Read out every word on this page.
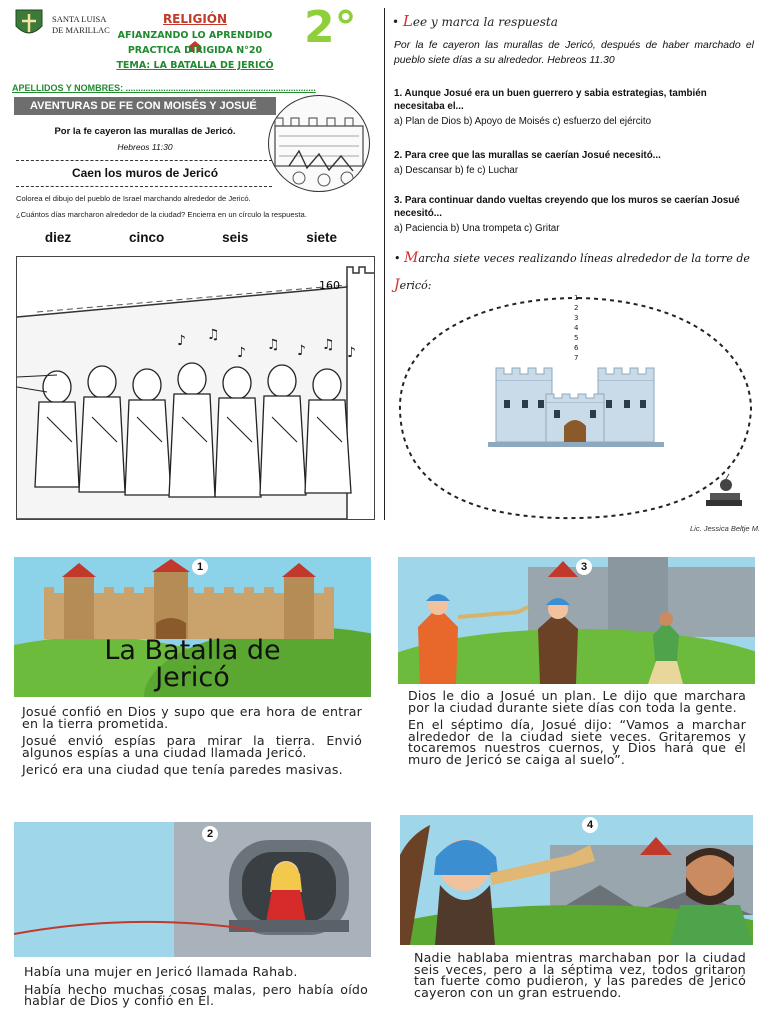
SANTA LUISA
DE MARILLAC
RELIGIÓN
AFIANZANDO LO APRENDIDO
PRACTICA DIRIGIDA N°20
TEMA: LA BATALLA DE JERICÓ
2°
APELLIDOS Y NOMBRES: ............................................................................
AVENTURAS DE FE CON MOISÉS Y JOSUÉ
Por la fe cayeron las murallas de Jericó.
Hebreos 11:30
Caen los muros de Jericó
Colorea el dibujo del pueblo de Israel marchando alrededor de Jericó.
¿Cuántos días marcharon alrededor de la ciudad? Encierra en un círculo la respuesta.
diez	cinco	seis	siete
160
♪ ♫
♪ ♫ ♪ ♫ ♪
• Lee y marca la respuesta
Por la fe cayeron las murallas de Jericó, después de haber marchado el pueblo siete días a su alrededor. Hebreos 11.30
1. Aunque Josué era un buen guerrero y sabia estrategias, también necesitaba el...
a) Plan de Dios b) Apoyo de Moisés c) esfuerzo del ejército
2. Para cree que las murallas se caerían Josué necesitó...
a) Descansar b) fe c) Luchar
3. Para continuar dando vueltas creyendo que los muros se caerían Josué necesitó...
a) Paciencia b) Una trompeta c) Gritar
• Marcha siete veces realizando líneas alrededor de la torre de Jericó:
1
2
3
4
5
6
7
Lic. Jessica Beltje M.
1
La Batalla de
Jericó

Josué confió en Dios y supo que era hora de entrar en la tierra prometida.

Josué envió espías para mirar la tierra. Envió algunos espías a una ciudad llamada Jericó.

Jericó era una ciudad que tenía paredes masivas.

2

Había una mujer en Jericó llamada Rahab.

Había hecho muchas cosas malas, pero había oído hablar de Dios y confió en Él.

3

Dios le dio a Josué un plan. Le dijo que marchara por la ciudad durante siete días con toda la gente.

En el séptimo día, Josué dijo: “Vamos a marchar alrededor de la ciudad siete veces. Gritaremos y tocaremos nuestros cuernos, y Dios hará que el muro de Jericó se caiga al suelo”.

4

Nadie hablaba mientras marchaban por la ciudad seis veces, pero a la séptima vez, todos gritaron tan fuerte como pudieron, y las paredes de Jericó cayeron con un gran estruendo.
